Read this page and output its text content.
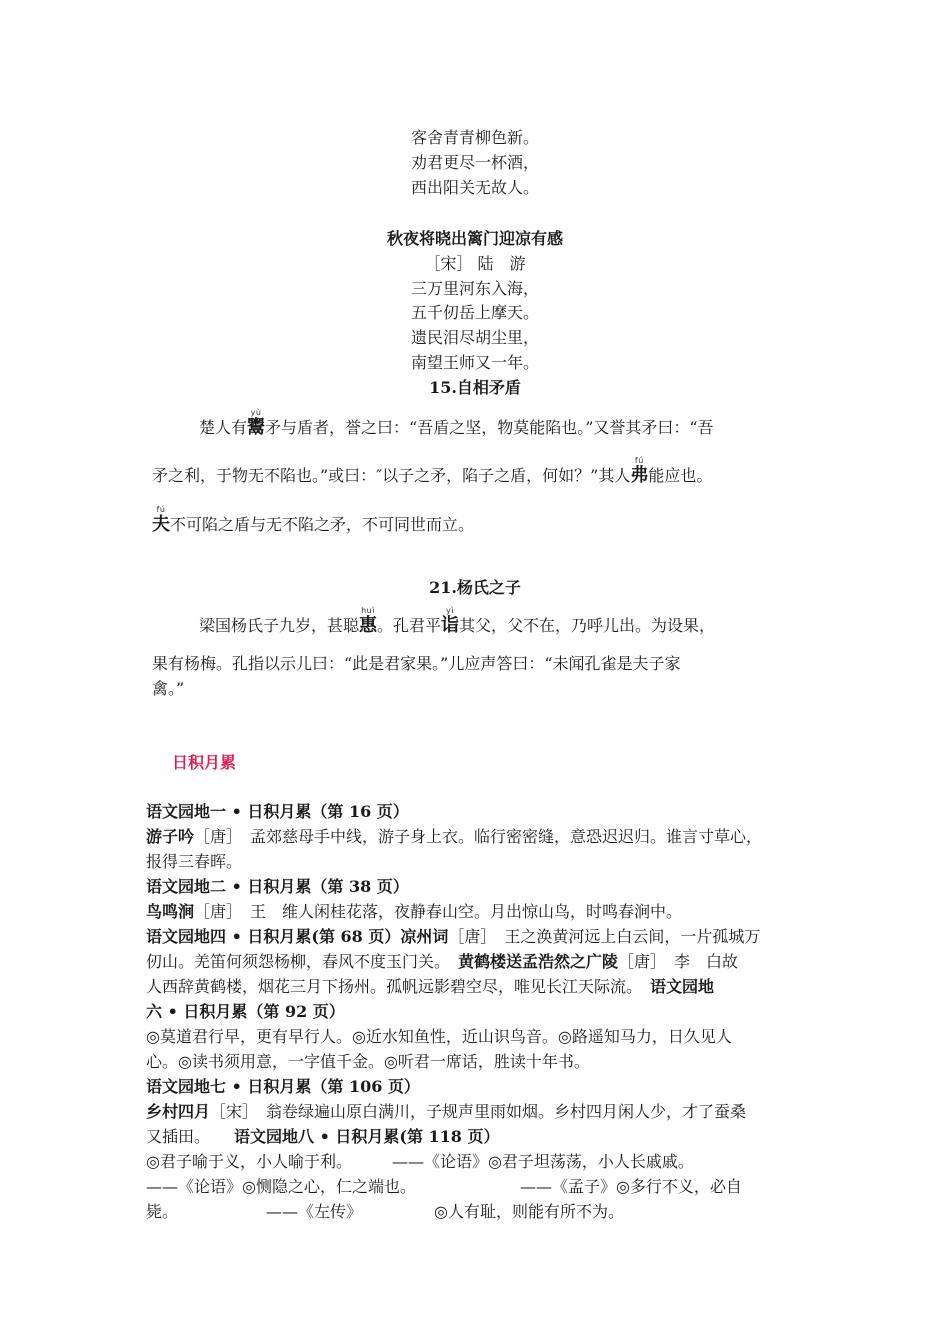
客舍青青柳色新。
劝君更尽一杯酒，
西出阳关无故人。
秋夜将晓出篱门迎凉有感
［宋］ 陆　游
三万里河东入海，
五千仞岳上摩天。
遗民泪尽胡尘里，
南望王师又一年。
15.自相矛盾
楚人有鬻yù矛与盾者，誉之曰：“吾盾之坚，物莫能陷也。”又誉其矛曰：“吾
矛之利，于物无不陷也。”或曰：″以子之矛，陷子之盾，何如？”其人弗fú能应也。
夫fú不可陷之盾与无不陷之矛，不可同世而立。
21.杨氏之子
梁国杨氏子九岁，甚聪惠huì。孔君平诣yì其父，父不在，乃呼儿出。为设果，
果有杨梅。孔指以示儿曰：“此是君家果。”儿应声答曰：“未闻孔雀是夫子家
禽。”
日积月累
语文园地一 • 日积月累（第 16 页）
游子吟［唐］　孟郊慈母手中线，游子身上衣。临行密密缝，意恐迟迟归。谁言寸草心，
报得三春晖。
语文园地二 • 日积月累（第 38 页）
鸟鸣涧［唐］　王　维人闲桂花落，夜静春山空。月出惊山鸟，时鸣春涧中。
语文园地四 • 日积月累(第 68 页）凉州词［唐］　王之涣黄河远上白云间，一片孤城万
仞山。羌笛何须怨杨柳，春风不度玉门关。　黄鹤楼送孟浩然之广陵［唐］　李　白故
人西辞黄鹤楼，烟花三月下扬州。孤帆远影碧空尽，唯见长江天际流。　语文园地
六 • 日积月累（第 92 页）
◎莫道君行早，更有早行人。◎近水知鱼性，近山识鸟音。◎路遥知马力，日久见人
心。◎读书须用意，一字值千金。◎听君一席话，胜读十年书。
语文园地七 • 日积月累（第 106 页）
乡村四月［宋］　翁卷绿遍山原白满川，子规声里雨如烟。乡村四月闲人少，才了蚕桑
又插田。　　语文园地八 • 日积月累(第 118 页）
◎君子喻于义，小人喻于利。　　　——《论语》◎君子坦荡荡，小人长戚戚。
——《论语》◎恻隐之心，仁之端也。　　　　　　　——《孟子》◎多行不义，必自
毙。　　　　　　——《左传》　　　　　◎人有耻，则能有所不为。
